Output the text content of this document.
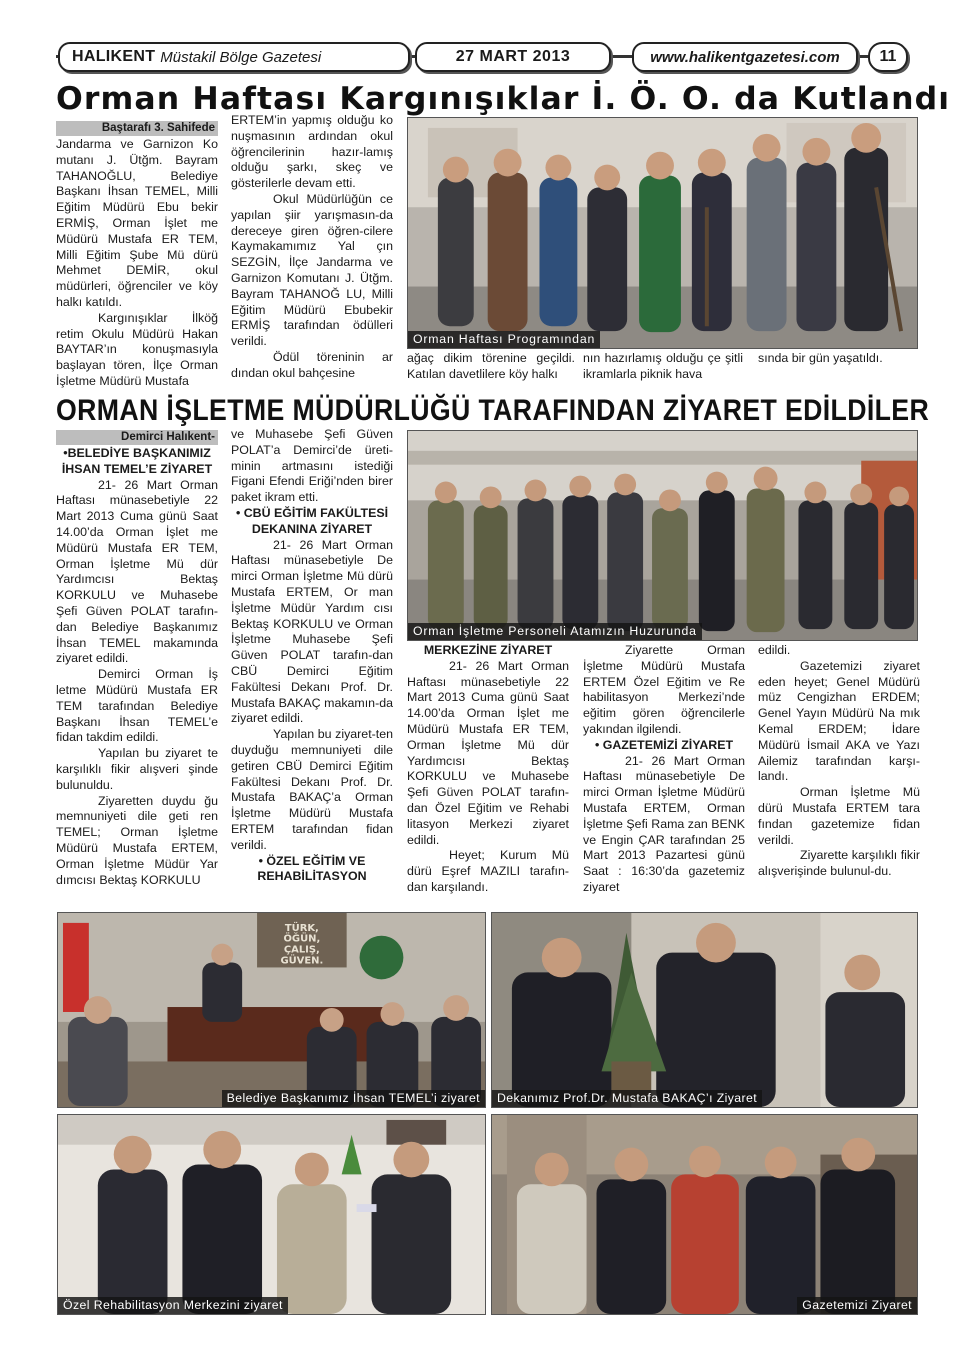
HALIKENT Müstakil Bölge Gazetesi	27 MART 2013	www.halikentgazetesi.com 11
Orman Haftası Kargınışıklar İ. Ö. O. da Kutlandı
Baştarafı 3. Sahifede

Jandarma ve Garnizon Ko mutanı J. Ütğm. Bayram TAHANOĞLU, Belediye Başkanı İhsan TEMEL, Milli Eğitim Müdürü Ebu bekir ERMİŞ, Orman İşlet me Müdürü Mustafa ER TEM, Milli Eğitim Şube Mü dürü Mehmet DEMİR, okul müdürleri, öğrenciler ve köy halkı katıldı.

Kargınışıklar İlköğ retim Okulu Müdürü Hakan BAYTAR’ın konuşmasıyla başlayan tören, İlçe Orman İşletme Müdürü Mustafa

ERTEM’in yapmış olduğu ko nuşmasının ardından okul öğrencilerinin hazır-lamış olduğu şarkı, skeç ve gösterilerle devam etti.

Okul Müdürlüğün ce yapılan şiir yarışmasın-da dereceye giren öğren-cilere Kaymakamımız Yal çın SEZGİN, İlçe Jandarma ve Garnizon Komutanı J. Ütğm. Bayram TAHANOĞ LU, Milli Eğitim Müdürü Ebubekir ERMİŞ tarafından ödülleri verildi.

Ödül töreninin ar dından okul bahçesine

Orman Haftası Programından

ağaç dikim törenine geçildi. Katılan davetlilere köy halkı

nın hazırlamış olduğu çe şitli ikramlarla piknik hava

sında bir gün yaşatıldı.

ORMAN İŞLETME MÜDÜRLÜĞÜ TARAFINDAN ZİYARET EDİLDİLER
Demirci Halıkent-
•BELEDİYE BAŞKANIMIZ İHSAN TEMEL’E ZİYARET

21- 26 Mart Orman Haftası münasebetiyle 22 Mart 2013 Cuma günü Saat 14.00’da Orman İşlet me Müdürü Mustafa ER TEM, Orman İşletme Mü dür Yardımcısı Bektaş KORKULU ve Muhasebe Şefi Güven POLAT tarafın-dan Belediye Başkanımız İhsan TEMEL makamında ziyaret edildi.

Demirci Orman İş letme Müdürü Mustafa ER TEM tarafından Belediye Başkanı İhsan TEMEL’e fidan takdim edildi.

Yapılan bu ziyaret te karşılıklı fikir alışveri şinde bulunuldu.

Ziyaretten duydu ğu memnuniyeti dile geti ren TEMEL; Orman İşletme Müdürü Mustafa ERTEM, Orman İşletme Müdür Yar dımcısı Bektaş KORKULU

ve Muhasebe Şefi Güven POLAT’a Demirci’de üreti-minin artmasını istediği Figani Efendi Eriği’nden birer paket ikram etti.

• CBÜ EĞİTİM FAKÜLTESİ DEKANINA ZİYARET

21- 26 Mart Orman Haftası münasebetiyle De mirci Orman İşletme Mü dürü Mustafa ERTEM, Or man İşletme Müdür Yardım cısı Bektaş KORKULU ve Orman İşletme Muhasebe Şefi Güven POLAT tarafın-dan CBÜ Demirci Eğitim Fakültesi Dekanı Prof. Dr. Mustafa BAKAÇ makamın-da ziyaret edildi.

Yapılan bu ziyaret-ten duyduğu memnuniyeti dile getiren CBÜ Demirci Eğitim Fakültesi Dekanı Prof. Dr. Mustafa BAKAÇ’a Orman İşletme Müdürü Mustafa ERTEM tarafından fidan verildi.

• ÖZEL EĞİTİM VE REHABİLİTASYON
Orman İşletme Personeli Atamızın Huzurunda
MERKEZİNE ZİYARET

21- 26 Mart Orman Haftası münasebetiyle 22 Mart 2013 Cuma günü Saat 14.00’da Orman İşlet me Müdürü Mustafa ER TEM, Orman İşletme Mü dür Yardımcısı Bektaş KORKULU ve Muhasebe Şefi Güven POLAT tarafın-dan Özel Eğitim ve Rehabi litasyon Merkezi ziyaret edildi.

Heyet; Kurum Mü dürü Eşref MAZILI tarafın-dan karşılandı.

Ziyarette Orman İşletme Müdürü Mustafa ERTEM Özel Eğitim ve Re habilitasyon Merkezi’nde eğitim gören öğrencilerle yakından ilgilendi.

• GAZETEMİZİ ZİYARET

21- 26 Mart Orman Haftası münasebetiyle De mirci Orman İşletme Müdürü Mustafa ERTEM, Orman İşletme Şefi Rama zan BENK ve Engin ÇAR tarafından 25 Mart 2013 Pazartesi günü Saat : 16:30’da gazetemiz ziyaret

edildi.

Gazetemizi ziyaret eden heyet; Genel Müdürü müz Cengizhan ERDEM; Genel Yayın Müdürü Na mık Kemal ERDEM; İdare Müdürü İsmail AKA ve Yazı Ailemiz tarafından karşı-landı.

Orman İşletme Mü dürü Mustafa ERTEM tara fından gazetemize fidan verildi.

Ziyarette karşılıklı fikir alışverişinde bulunul-du.

TÜRK,
ÖĞÜN,
ÇALIŞ,
GÜVEN.
Belediye Başkanımız İhsan TEMEL’i ziyaret	Dekanımız Prof.Dr. Mustafa BAKAÇ’ı Ziyaret
Özel Rehabilitasyon Merkezini ziyaret	Gazetemizi Ziyaret
